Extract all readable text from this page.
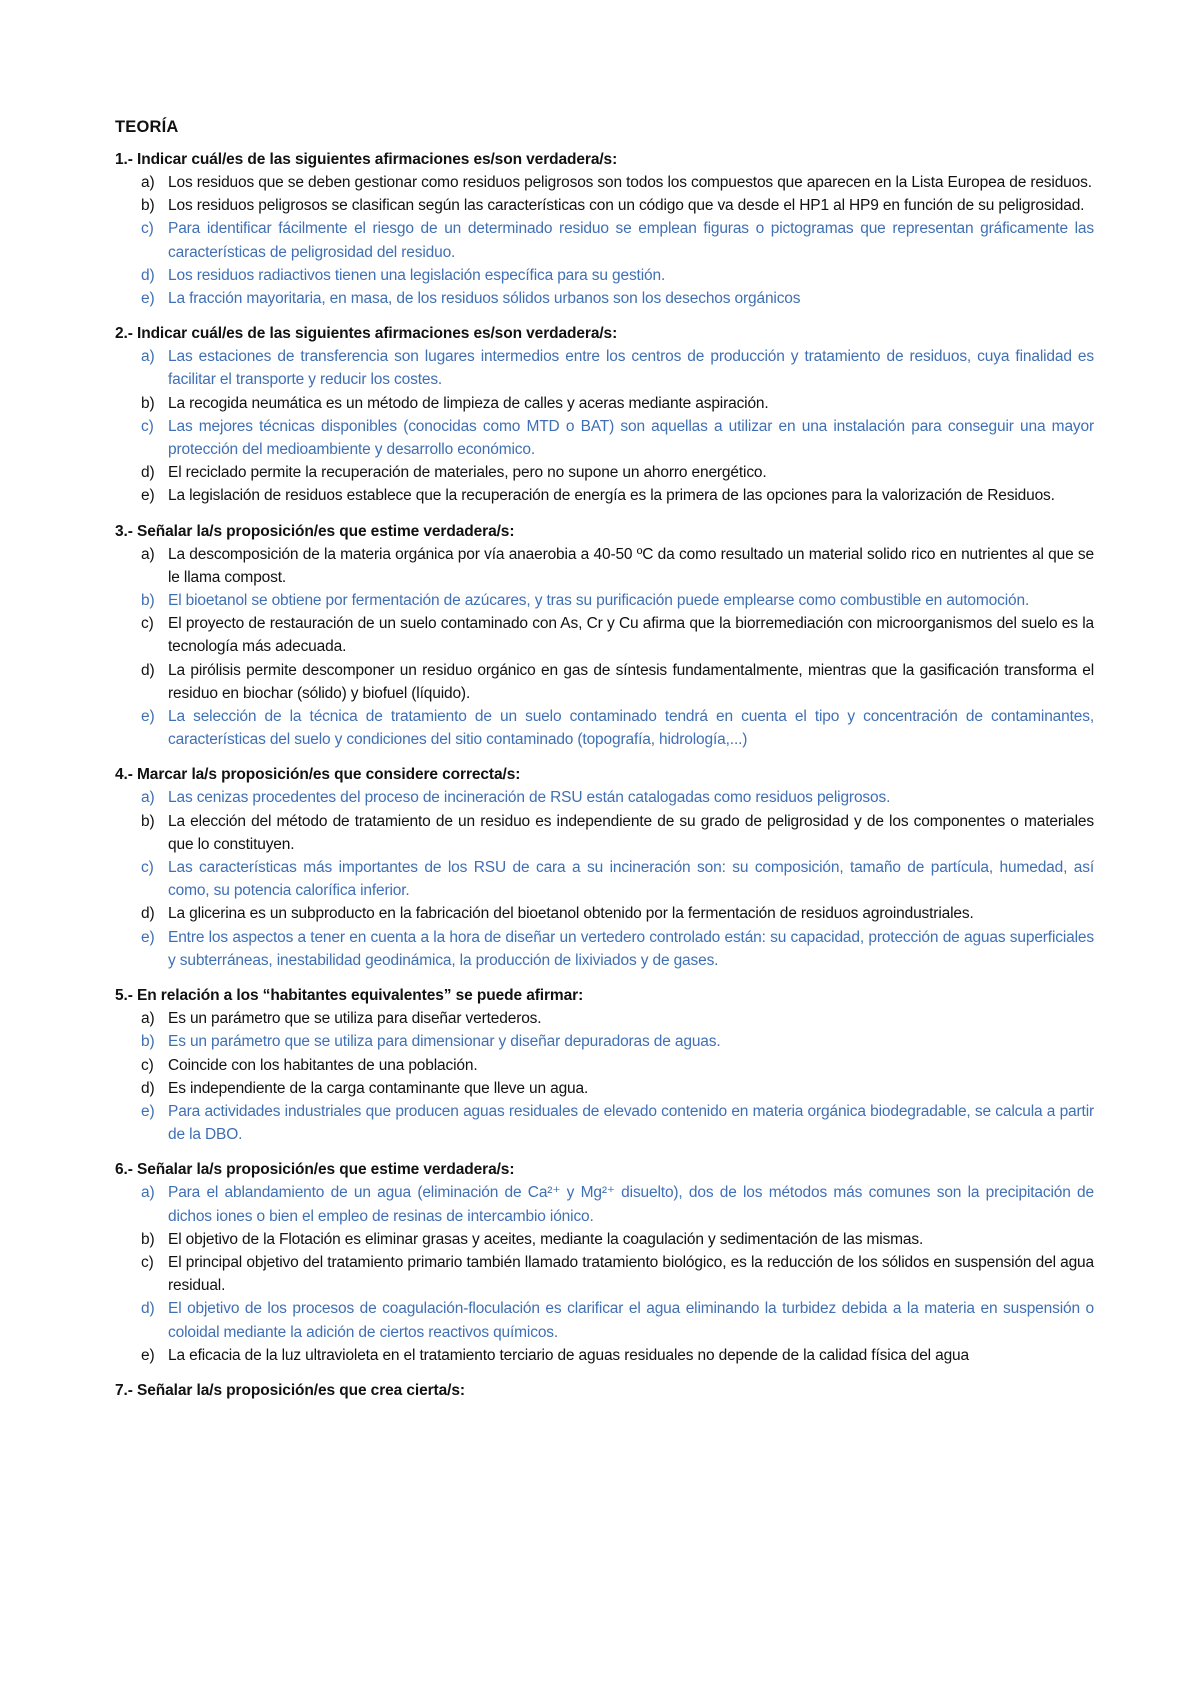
TEORÍA
1.- Indicar cuál/es de las siguientes afirmaciones es/son verdadera/s:
a) Los residuos que se deben gestionar como residuos peligrosos son todos los compuestos que aparecen en la Lista Europea de residuos.
b) Los residuos peligrosos se clasifican según las características con un código que va desde el HP1 al HP9 en función de su peligrosidad.
c) Para identificar fácilmente el riesgo de un determinado residuo se emplean figuras o pictogramas que representan gráficamente las características de peligrosidad del residuo.
d) Los residuos radiactivos tienen una legislación específica para su gestión.
e) La fracción mayoritaria, en masa, de los residuos sólidos urbanos son los desechos orgánicos
2.- Indicar cuál/es de las siguientes afirmaciones es/son verdadera/s:
a) Las estaciones de transferencia son lugares intermedios entre los centros de producción y tratamiento de residuos, cuya finalidad es facilitar el transporte y reducir los costes.
b) La recogida neumática es un método de limpieza de calles y aceras mediante aspiración.
c) Las mejores técnicas disponibles (conocidas como MTD o BAT) son aquellas a utilizar en una instalación para conseguir una mayor protección del medioambiente y desarrollo económico.
d) El reciclado permite la recuperación de materiales, pero no supone un ahorro energético.
e) La legislación de residuos establece que la recuperación de energía es la primera de las opciones para la valorización de Residuos.
3.- Señalar la/s proposición/es que estime verdadera/s:
a) La descomposición de la materia orgánica por vía anaerobia a 40-50 ºC da como resultado un material solido rico en nutrientes al que se le llama compost.
b) El bioetanol se obtiene por fermentación de azúcares, y tras su purificación puede emplearse como combustible en automoción.
c) El proyecto de restauración de un suelo contaminado con As, Cr y Cu afirma que la biorremediación con microorganismos del suelo es la tecnología más adecuada.
d) La pirólisis permite descomponer un residuo orgánico en gas de síntesis fundamentalmente, mientras que la gasificación transforma el residuo en biochar (sólido) y biofuel (líquido).
e) La selección de la técnica de tratamiento de un suelo contaminado tendrá en cuenta el tipo y concentración de contaminantes, características del suelo y condiciones del sitio contaminado (topografía, hidrología,...)
4.- Marcar la/s proposición/es que considere correcta/s:
a) Las cenizas procedentes del proceso de incineración de RSU están catalogadas como residuos peligrosos.
b) La elección del método de tratamiento de un residuo es independiente de su grado de peligrosidad y de los componentes o materiales que lo constituyen.
c) Las características más importantes de los RSU de cara a su incineración son: su composición, tamaño de partícula, humedad, así como, su potencia calorífica inferior.
d) La glicerina es un subproducto en la fabricación del bioetanol obtenido por la fermentación de residuos agroindustriales.
e) Entre los aspectos a tener en cuenta a la hora de diseñar un vertedero controlado están: su capacidad, protección de aguas superficiales y subterráneas, inestabilidad geodinámica, la producción de lixiviados y de gases.
5.- En relación a los “habitantes equivalentes” se puede afirmar:
a) Es un parámetro que se utiliza para diseñar vertederos.
b) Es un parámetro que se utiliza para dimensionar y diseñar depuradoras de aguas.
c) Coincide con los habitantes de una población.
d) Es independiente de la carga contaminante que lleve un agua.
e) Para actividades industriales que producen aguas residuales de elevado contenido en materia orgánica biodegradable, se calcula a partir de la DBO.
6.- Señalar la/s proposición/es que estime verdadera/s:
a) Para el ablandamiento de un agua (eliminación de Ca²⁺ y Mg²⁺ disuelto), dos de los métodos más comunes son la precipitación de dichos iones o bien el empleo de resinas de intercambio iónico.
b) El objetivo de la Flotación es eliminar grasas y aceites, mediante la coagulación y sedimentación de las mismas.
c) El principal objetivo del tratamiento primario también llamado tratamiento biológico, es la reducción de los sólidos en suspensión del agua residual.
d) El objetivo de los procesos de coagulación-floculación es clarificar el agua eliminando la turbidez debida a la materia en suspensión o coloidal mediante la adición de ciertos reactivos químicos.
e) La eficacia de la luz ultravioleta en el tratamiento terciario de aguas residuales no depende de la calidad física del agua
7.- Señalar la/s proposición/es que crea cierta/s:
